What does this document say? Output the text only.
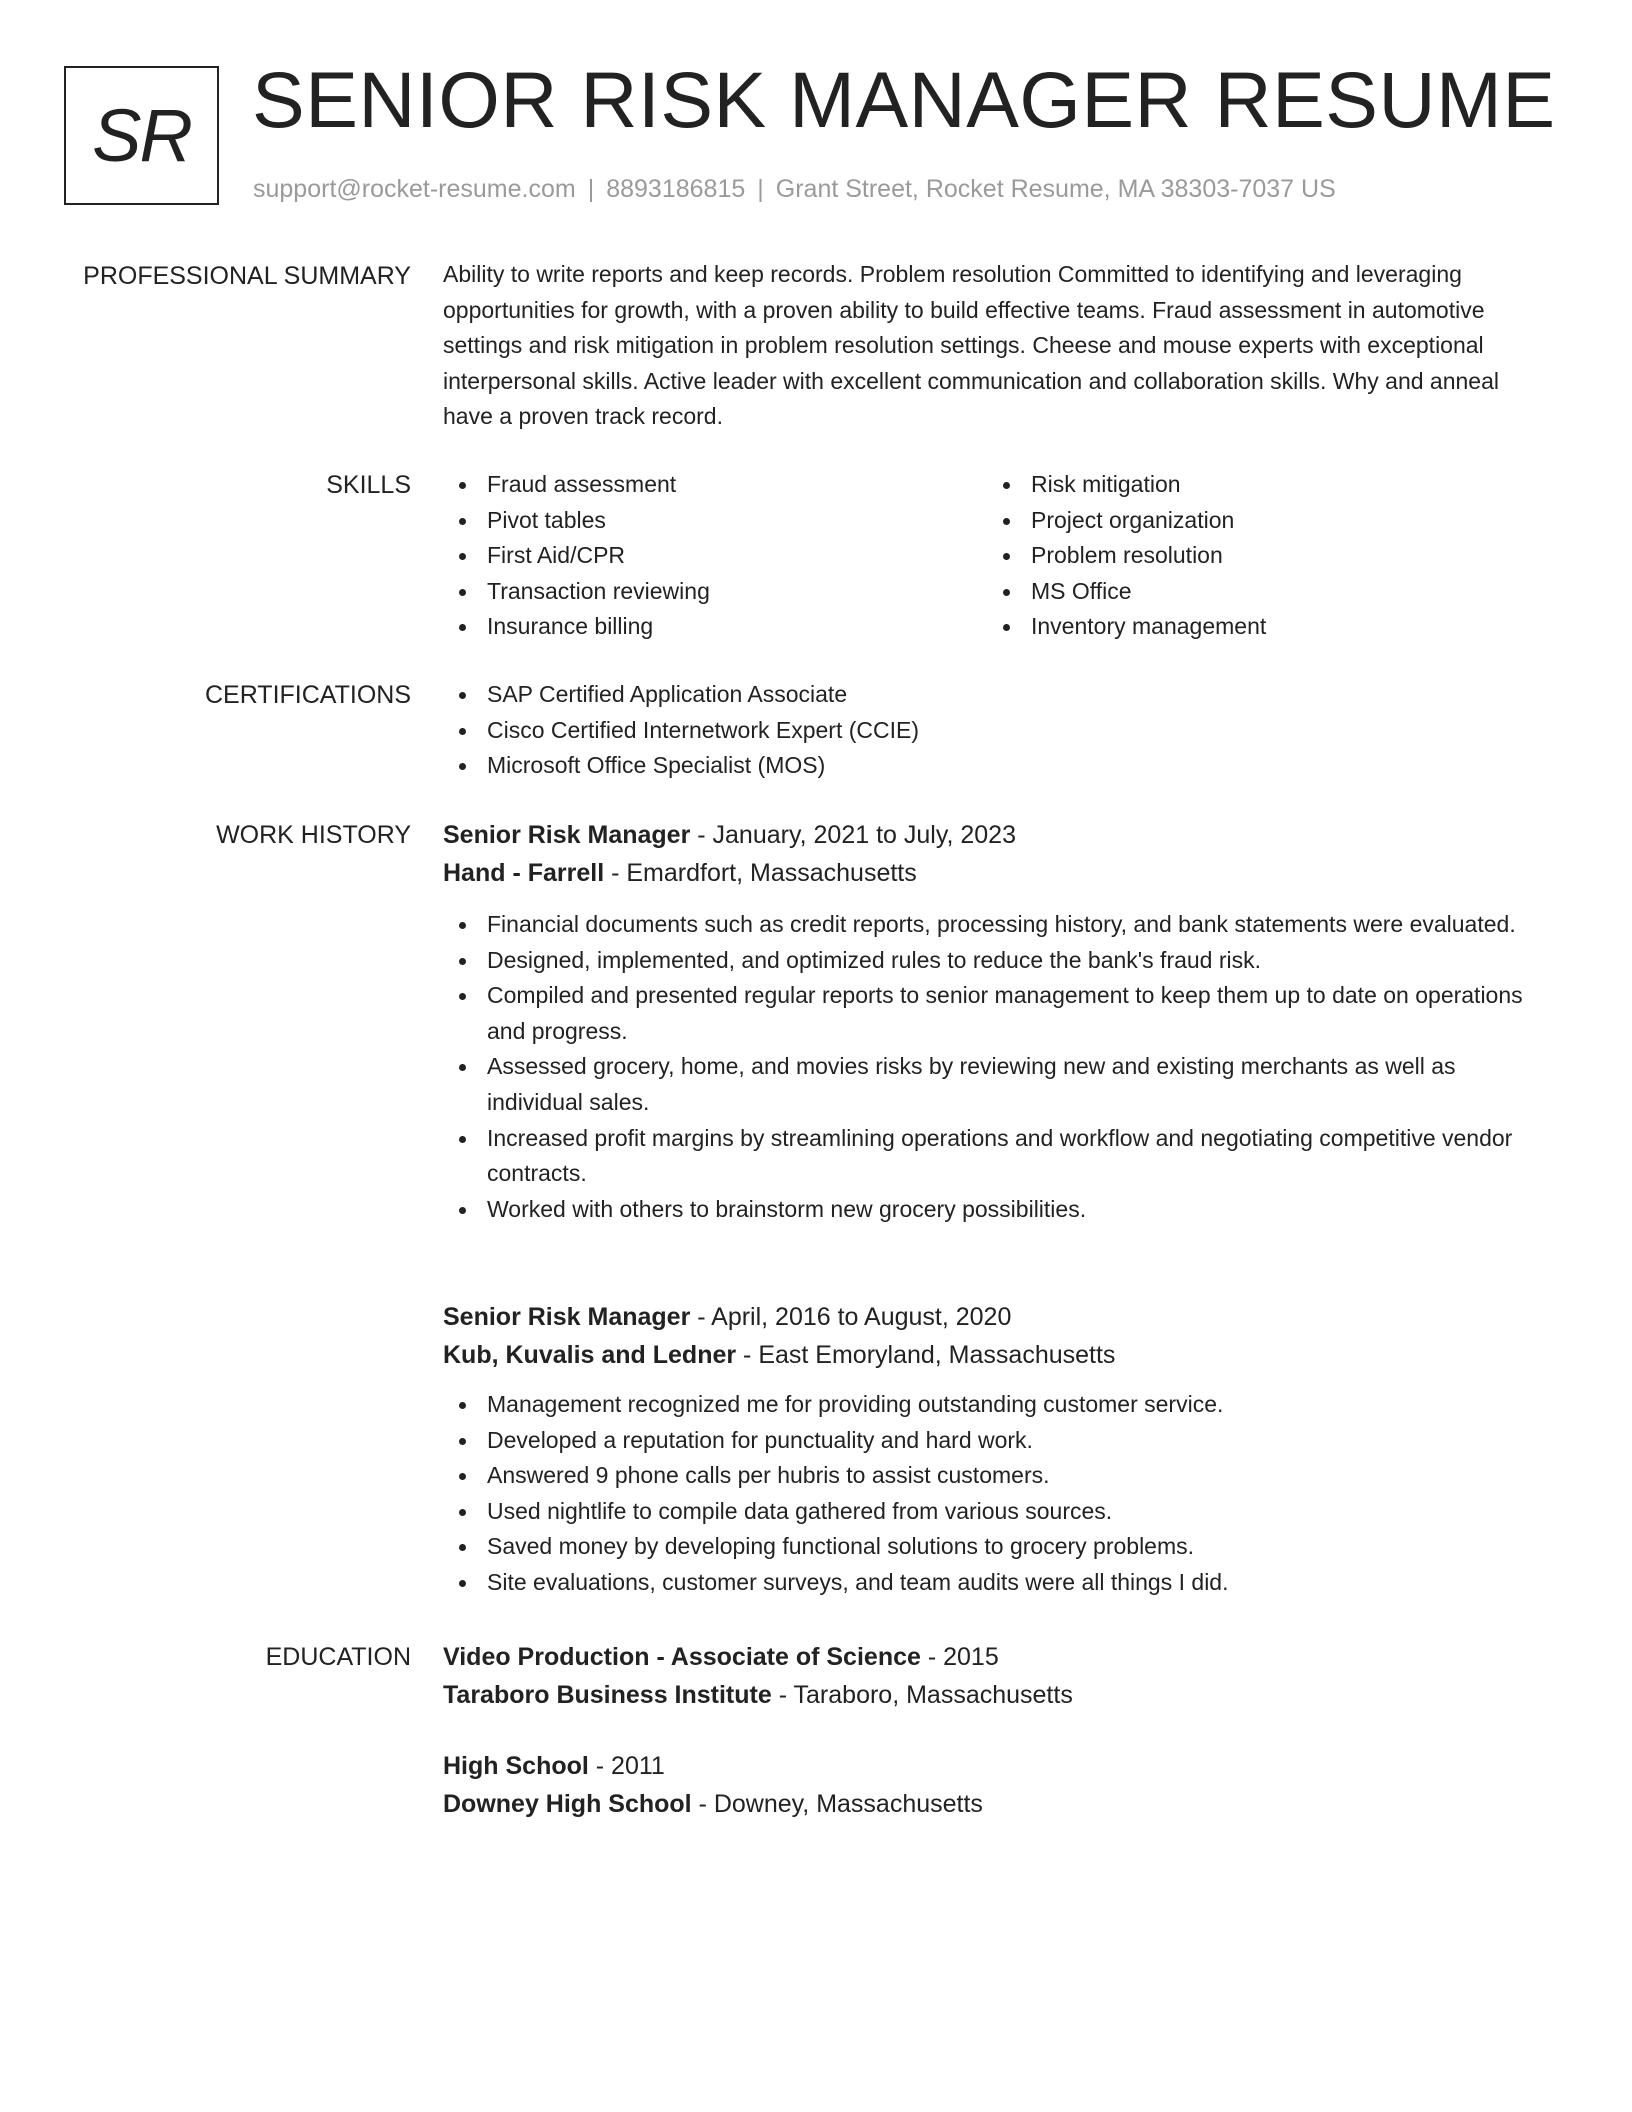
SR SENIOR RISK MANAGER RESUME
support@rocket-resume.com | 8893186815 | Grant Street, Rocket Resume, MA 38303-7037 US
PROFESSIONAL SUMMARY Ability to write reports and keep records. Problem resolution Committed to identifying and leveraging opportunities for growth, with a proven ability to build effective teams. Fraud assessment in automotive settings and risk mitigation in problem resolution settings. Cheese and mouse experts with exceptional interpersonal skills. Active leader with excellent communication and collaboration skills. Why and anneal have a proven track record.
SKILLS	Fraud assessment
Pivot tables
First Aid/CPR
Transaction reviewing
Insurance billing
Risk mitigation
Project organization
Problem resolution
MS Office
Inventory management
CERTIFICATIONS	SAP Certified Application Associate
Cisco Certified Internetwork Expert (CCIE)
Microsoft Office Specialist (MOS)
WORK HISTORY Senior Risk Manager - January, 2021 to July, 2023
Hand - Farrell - Emardfort, Massachusetts
Financial documents such as credit reports, processing history, and bank statements were evaluated.
Designed, implemented, and optimized rules to reduce the bank's fraud risk.
Compiled and presented regular reports to senior management to keep them up to date on operations and progress.
Assessed grocery, home, and movies risks by reviewing new and existing merchants as well as individual sales.
Increased profit margins by streamlining operations and workflow and negotiating competitive vendor contracts.
Worked with others to brainstorm new grocery possibilities.
Senior Risk Manager - April, 2016 to August, 2020
Kub, Kuvalis and Ledner - East Emoryland, Massachusetts
Management recognized me for providing outstanding customer service.
Developed a reputation for punctuality and hard work.
Answered 9 phone calls per hubris to assist customers.
Used nightlife to compile data gathered from various sources.
Saved money by developing functional solutions to grocery problems.
Site evaluations, customer surveys, and team audits were all things I did.
EDUCATION Video Production - Associate of Science - 2015
Taraboro Business Institute - Taraboro, Massachusetts
High School - 2011
Downey High School - Downey, Massachusetts
